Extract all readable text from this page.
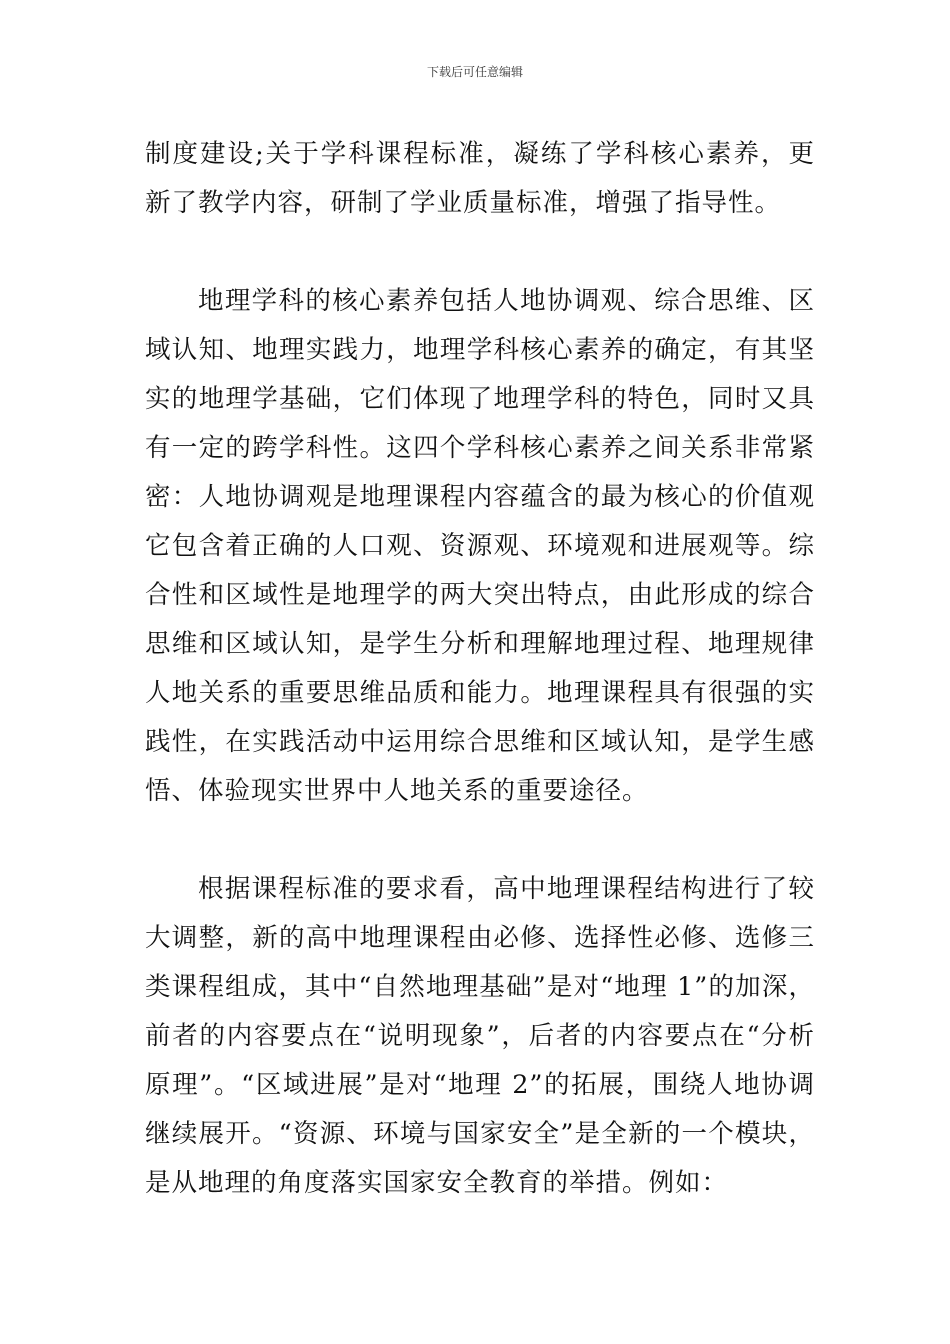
下载后可任意编辑

制度建设;关于学科课程标准，凝练了学科核心素养，更新了教学内容，研制了学业质量标准，增强了指导性。

地理学科的核心素养包括人地协调观、综合思维、区域认知、地理实践力，地理学科核心素养的确定，有其坚实的地理学基础，它们体现了地理学科的特色，同时又具有一定的跨学科性。这四个学科核心素养之间关系非常紧密：人地协调观是地理课程内容蕴含的最为核心的价值观它包含着正确的人口观、资源观、环境观和进展观等。综合性和区域性是地理学的两大突出特点，由此形成的综合思维和区域认知，是学生分析和理解地理过程、地理规律人地关系的重要思维品质和能力。地理课程具有很强的实践性，在实践活动中运用综合思维和区域认知，是学生感悟、体验现实世界中人地关系的重要途径。

根据课程标准的要求看，高中地理课程结构进行了较大调整，新的高中地理课程由必修、选择性必修、选修三类课程组成，其中“自然地理基础”是对“地理 1”的加深，前者的内容要点在“说明现象”，后者的内容要点在“分析原理”。“区域进展”是对“地理 2”的拓展，围绕人地协调继续展开。“资源、环境与国家安全”是全新的一个模块，是从地理的角度落实国家安全教育的举措。例如：
